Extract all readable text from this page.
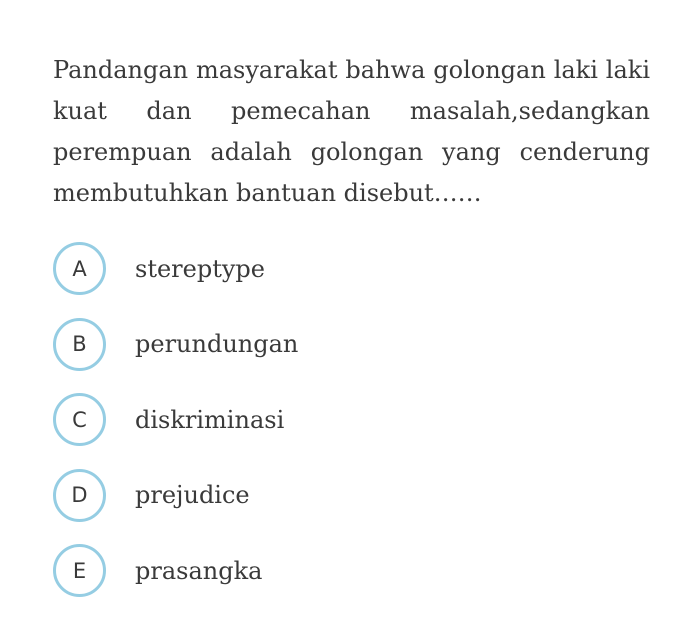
Pandangan masyarakat bahwa golongan laki laki kuat dan pemecahan masalah,sedangkan perempuan adalah golongan yang cenderung membutuhkan bantuan disebut……

A	stereptype
B	perundungan
C	diskriminasi
D	prejudice
E	prasangka
